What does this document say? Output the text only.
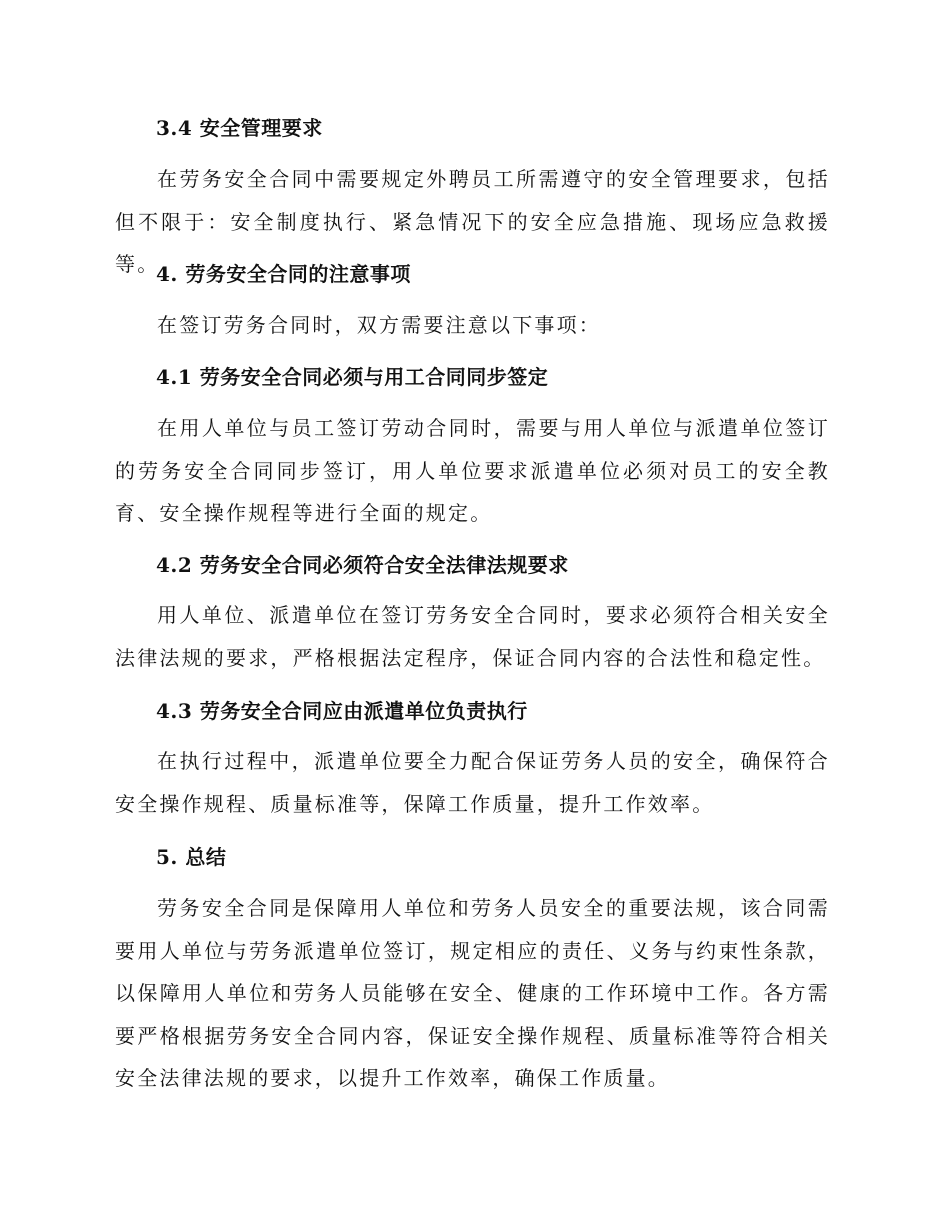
3.4 安全管理要求

在劳务安全合同中需要规定外聘员工所需遵守的安全管理要求，包括但不限于：安全制度执行、紧急情况下的安全应急措施、现场应急救援等。

4. 劳务安全合同的注意事项

在签订劳务合同时，双方需要注意以下事项：

4.1 劳务安全合同必须与用工合同同步签定

在用人单位与员工签订劳动合同时，需要与用人单位与派遣单位签订的劳务安全合同同步签订，用人单位要求派遣单位必须对员工的安全教育、安全操作规程等进行全面的规定。

4.2 劳务安全合同必须符合安全法律法规要求

用人单位、派遣单位在签订劳务安全合同时，要求必须符合相关安全法律法规的要求，严格根据法定程序，保证合同内容的合法性和稳定性。

4.3 劳务安全合同应由派遣单位负责执行

在执行过程中，派遣单位要全力配合保证劳务人员的安全，确保符合安全操作规程、质量标准等，保障工作质量，提升工作效率。

5. 总结

劳务安全合同是保障用人单位和劳务人员安全的重要法规，该合同需要用人单位与劳务派遣单位签订，规定相应的责任、义务与约束性条款，以保障用人单位和劳务人员能够在安全、健康的工作环境中工作。各方需要严格根据劳务安全合同内容，保证安全操作规程、质量标准等符合相关安全法律法规的要求，以提升工作效率，确保工作质量。
